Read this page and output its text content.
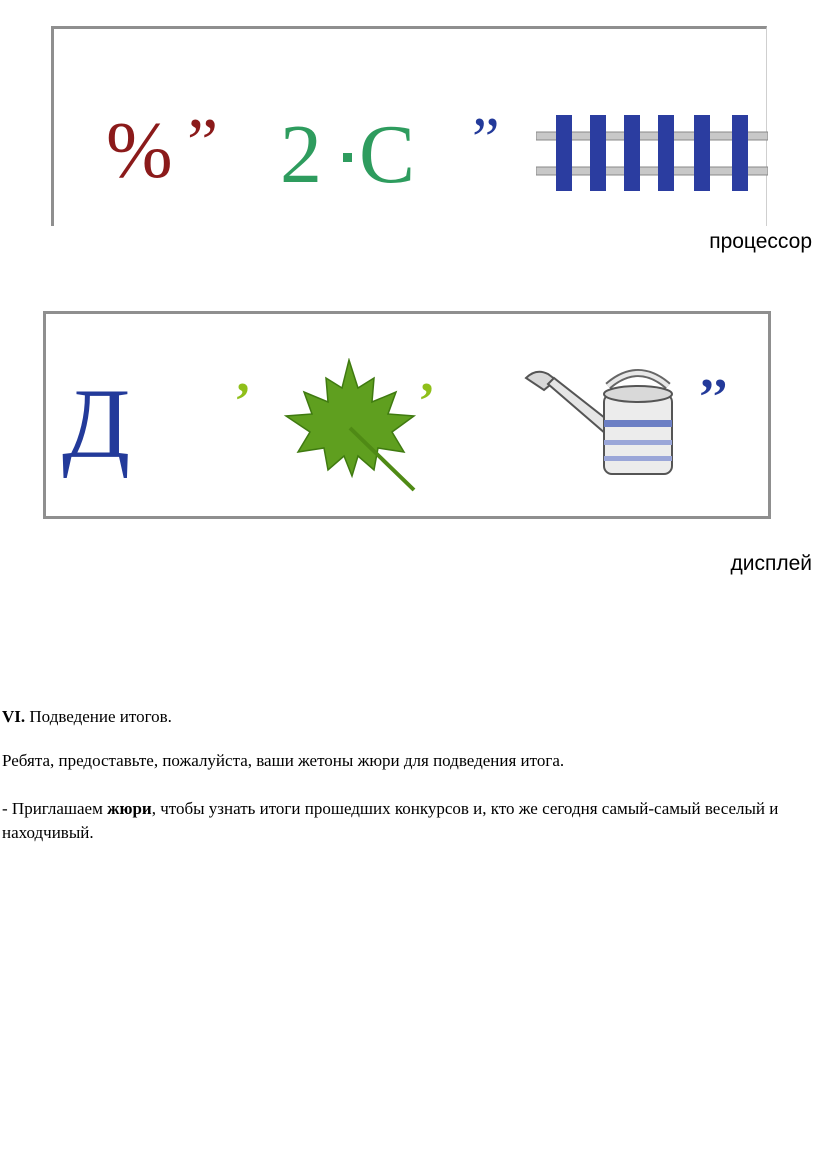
% ” 2 С ”
процессор
Д ’	’	’’
дисплей
VI. Подведение итогов.
Ребята, предоставьте, пожалуйста, ваши жетоны жюри для подведения итога.
- Приглашаем жюри, чтобы узнать итоги прошедших конкурсов и, кто же сегодня самый-самый веселый и находчивый.
